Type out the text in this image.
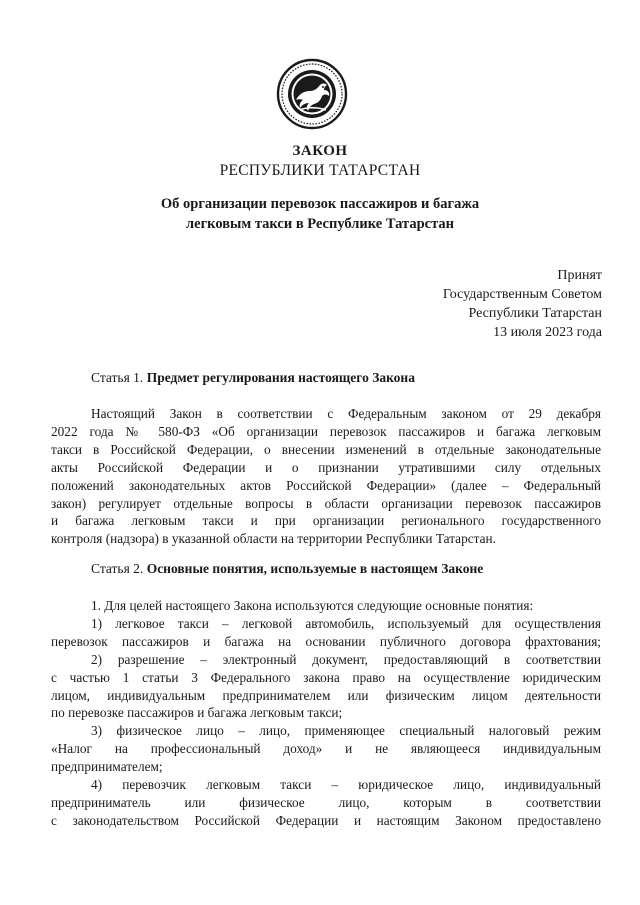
ЗАКОН
РЕСПУБЛИКИ ТАТАРСТАН
Об организации перевозок пассажиров и багажа
легковым такси в Республике Татарстан
Принят
Государственным Советом
Республики Татарстан
13 июля 2023 года
Статья 1. Предмет регулирования настоящего Закона
Настоящий Закон в соответствии с Федеральным законом от 29 декабря
2022 года № 580-ФЗ «Об организации перевозок пассажиров и багажа легковым
такси в Российской Федерации, о внесении изменений в отдельные законодательные
акты Российской Федерации и о признании утратившими силу отдельных
положений законодательных актов Российской Федерации» (далее – Федеральный
закон) регулирует отдельные вопросы в области организации перевозок пассажиров
и багажа легковым такси и при организации регионального государственного
контроля (надзора) в указанной области на территории Республики Татарстан.
Статья 2. Основные понятия, используемые в настоящем Законе
1. Для целей настоящего Закона используются следующие основные понятия:
1) легковое такси – легковой автомобиль, используемый для осуществления
перевозок пассажиров и багажа на основании публичного договора фрахтования;
2) разрешение – электронный документ, предоставляющий в соответствии
с частью 1 статьи 3 Федерального закона право на осуществление юридическим
лицом, индивидуальным предпринимателем или физическим лицом деятельности
по перевозке пассажиров и багажа легковым такси;
3) физическое лицо – лицо, применяющее специальный налоговый режим
«Налог на профессиональный доход» и не являющееся индивидуальным
предпринимателем;
4) перевозчик легковым такси – юридическое лицо, индивидуальный
предприниматель или физическое лицо, которым в соответствии
с законодательством Российской Федерации и настоящим Законом предоставлено
